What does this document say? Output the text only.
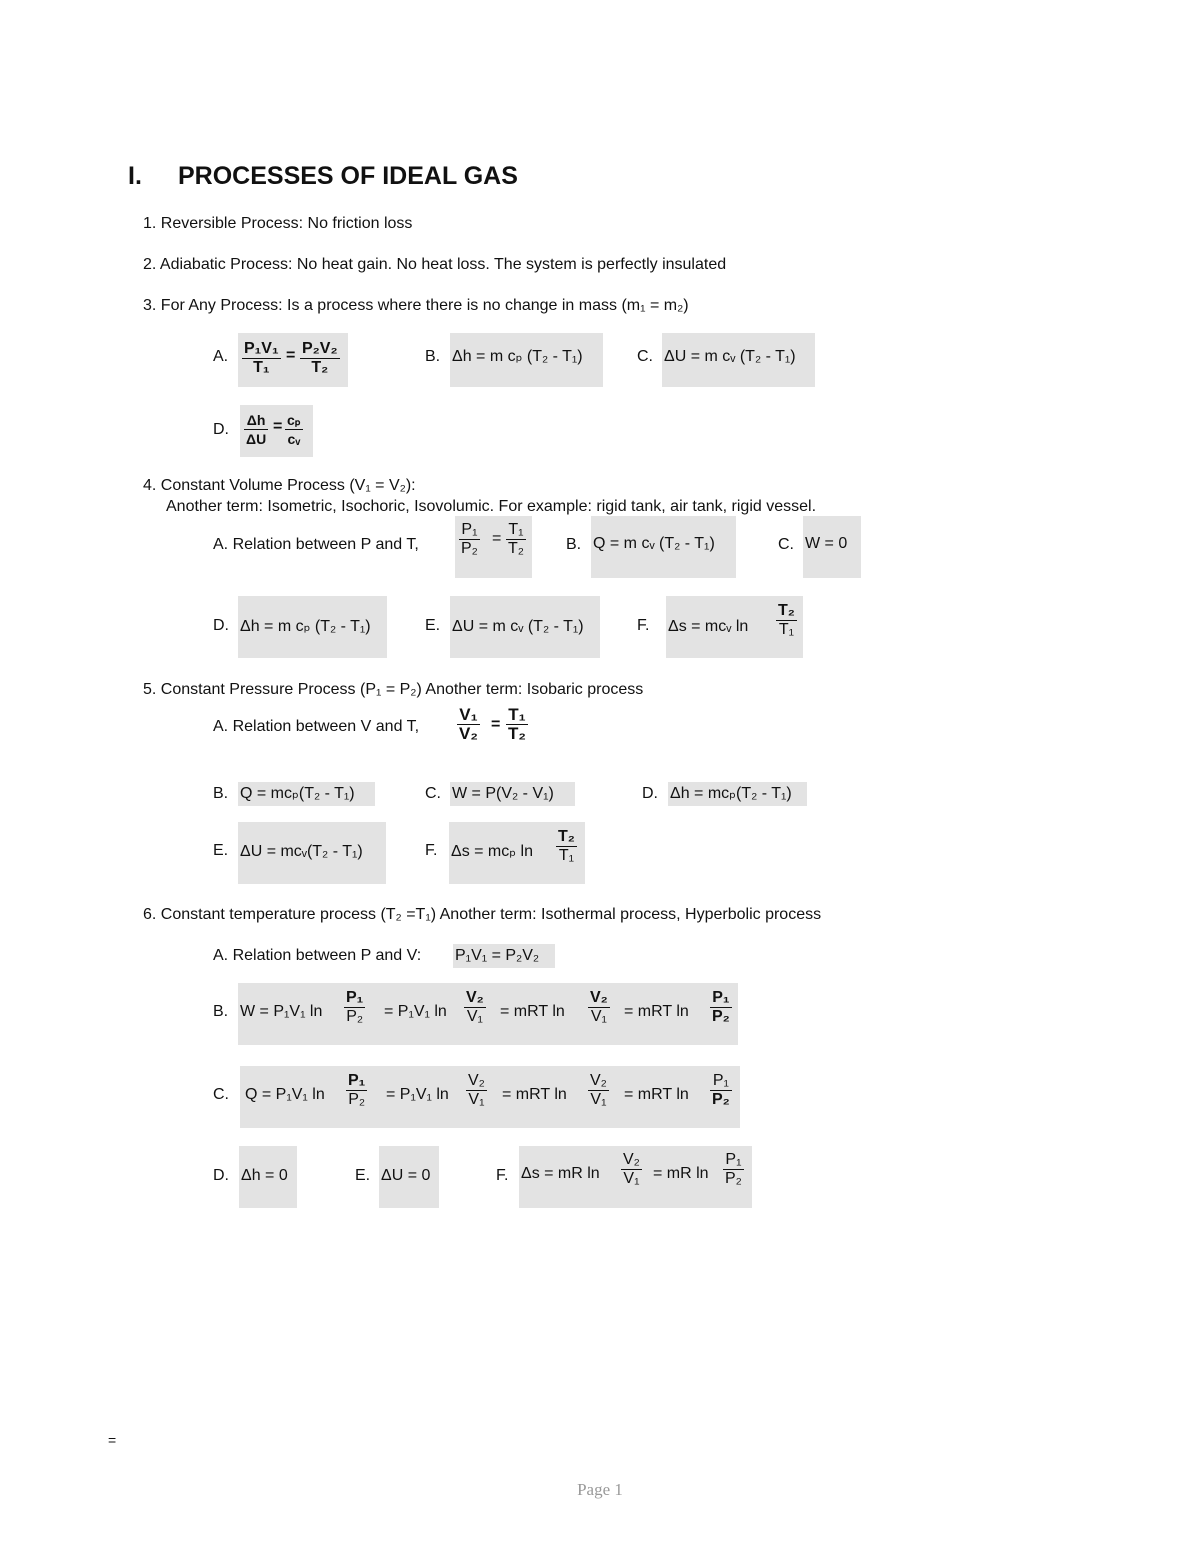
I. PROCESSES OF IDEAL GAS
1. Reversible Process: No friction loss
2. Adiabatic Process: No heat gain. No heat loss. The system is perfectly insulated
3. For Any Process: Is a process where there is no change in mass (m₁ = m₂)
A. $\frac{\text{P₁V₁}}{\text{T₁}} = \frac{\text{P₂V₂}}{\text{T₂}}$	B. Δh = m cₚ (T₂ - T₁)	C. ΔU = m cᵥ (T₂ - T₁)
D. $\frac{\Delta h}{\Delta U} = \frac{\text{cₚ}}{\text{cᵥ}}$
4. Constant Volume Process (V₁ = V₂):
Another term: Isometric, Isochoric, Isovolumic. For example: rigid tank, air tank, rigid vessel.
A. Relation between P and T,	$\frac{\text{P₁}}{\text{P₂}} = \frac{\text{T₁}}{\text{T₂}}$	B. Q = m cᵥ (T₂ - T₁)	C. W = 0
D. Δh = m cₚ (T₂ - T₁)	E. ΔU = m cᵥ (T₂ - T₁)	F. Δs = mcᵥ $\ln \frac{\text{T₂}}{\text{T₁}}$
5. Constant Pressure Process (P₁ = P₂) Another term: Isobaric process
A. Relation between V and T, $\frac{\text{V₁}}{\text{V₂}} = \frac{\text{T₁}}{\text{T₂}}$
B. Q = mcₚ(T₂ - T₁)	C. W = P(V₂ - V₁)	D. Δh = mcₚ(T₂ - T₁)
E. ΔU = mcᵥ(T₂ - T₁)	F. Δs = mcₚ $\ln \frac{\text{T₂}}{\text{T₁}}$
6. Constant temperature process (T₂ =T₁) Another term: Isothermal process, Hyperbolic process
A. Relation between P and V: P₁V₁ = P₂V₂
B. W = P₁V₁ $\ln \frac{\text{P₁}}{\text{P₂}} = P_1V_1$ $\ln \frac{\text{V₂}}{\text{V₁}}$ = mRT $\ln \frac{\text{V₂}}{\text{V₁}}$ = mRT $\ln \frac{\text{P₁}}{\text{P₂}}$
C. Q = P₁V₁ $\ln \frac{\text{P₁}}{\text{P₂}} = P_1V_1$ $\ln \frac{\text{V₂}}{\text{V₁}}$ = mRT $\ln \frac{\text{V₂}}{\text{V₁}}$ = mRT $\ln \frac{\text{P₁}}{\text{P₂}}$
D. Δh = 0	E. ΔU = 0	F. Δs = mR $\ln \frac{\text{V₂}}{\text{V₁}}$ = mR $\ln \frac{\text{P₁}}{\text{P₂}}$
=
Page 1
